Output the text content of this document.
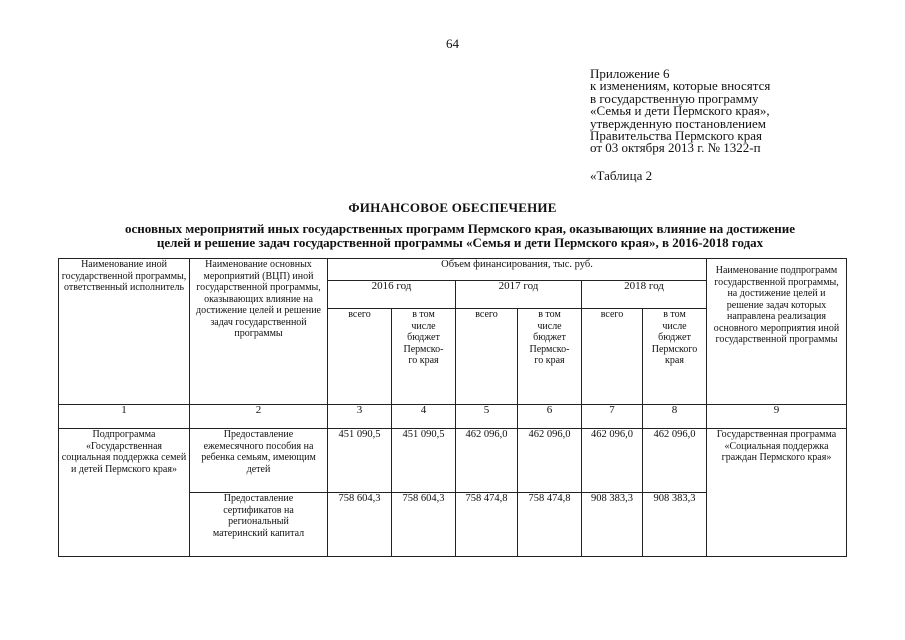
64
Приложение 6
к изменениям, которые вносятся
в государственную программу
«Семья и дети Пермского края»,
утвержденную постановлением
Правительства Пермского края
от 03 октября 2013 г. № 1322-п
«Таблица 2
ФИНАНСОВОЕ ОБЕСПЕЧЕНИЕ
основных мероприятий иных государственных программ Пермского края, оказывающих влияние на достижение
целей и решение задач государственной программы «Семья и дети Пермского края», в 2016-2018 годах
Наименование иной государственной программы, ответственный исполнитель	Наименование основных мероприятий (ВЦП) иной государственной программы, оказывающих влияние на достижение целей и решение задач государственной программы	Объем финансирования, тыс. руб.						Наименование подпрограмм государственной программы, на достижение целей и решение задач которых направлена реализация основного мероприятия иной государственной программы
		2016 год		2017 год		2018 год		
		всего	в том числе бюджет Пермско-го края	всего	в том числе бюджет Пермско-го края	всего	в том числе бюджет Пермского края	
1	2	3	4	5	6	7	8	9
Подпрограмма «Государственная социальная поддержка семей и детей Пермского края»	Предоставление ежемесячного пособия на ребенка семьям, имеющим детей	451 090,5	451 090,5	462 096,0	462 096,0	462 096,0	462 096,0	Государственная программа «Социальная поддержка граждан Пермского края»
	Предоставление сертификатов на региональный материнский капитал	758 604,3	758 604,3	758 474,8	758 474,8	908 383,3	908 383,3	
